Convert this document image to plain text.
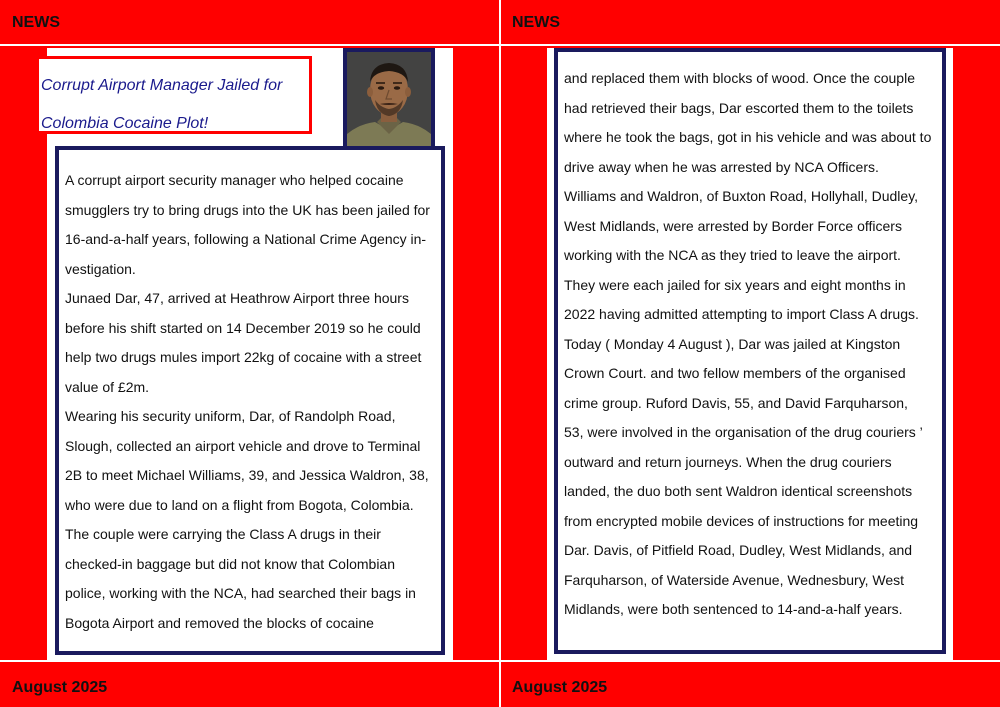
NEWS
Corrupt Airport Manager Jailed for
Colombia Cocaine Plot!

A corrupt airport security manager who helped cocaine
smugglers try to bring drugs into the UK has been jailed for
16-and-a-half years, following a National Crime Agency in-
vestigation.
Junaed Dar, 47, arrived at Heathrow Airport three hours
before his shift started on 14 December 2019 so he could
help two drugs mules import 22kg of cocaine with a street
value of £2m.
Wearing his security uniform, Dar, of Randolph Road,
Slough, collected an airport vehicle and drove to Terminal
2B to meet Michael Williams, 39, and Jessica Waldron, 38,
who were due to land on a flight from Bogota, Colombia.
The couple were carrying the Class A drugs in their
checked-in baggage but did not know that Colombian
police, working with the NCA, had searched their bags in
Bogota Airport and removed the blocks of cocaine

August 2025
NEWS

and replaced them with blocks of wood. Once the couple
had retrieved their bags, Dar escorted them to the toilets
where he took the bags, got in his vehicle and was about to
drive away when he was arrested by NCA Officers.
Williams and Waldron, of Buxton Road, Hollyhall, Dudley,
West Midlands, were arrested by Border Force officers
working with the NCA as they tried to leave the airport.
They were each jailed for six years and eight months in
2022 having admitted attempting to import Class A drugs.
Today ( Monday 4 August ), Dar was jailed at Kingston
Crown Court. and two fellow members of the organised
crime group. Ruford Davis, 55, and David Farquharson,
53, were involved in the organisation of the drug couriers ’
outward and return journeys. When the drug couriers
landed, the duo both sent Waldron identical screenshots
from encrypted mobile devices of instructions for meeting
Dar. Davis, of Pitfield Road, Dudley, West Midlands, and
Farquharson, of Waterside Avenue, Wednesbury, West
Midlands, were both sentenced to 14-and-a-half years.

August 2025
